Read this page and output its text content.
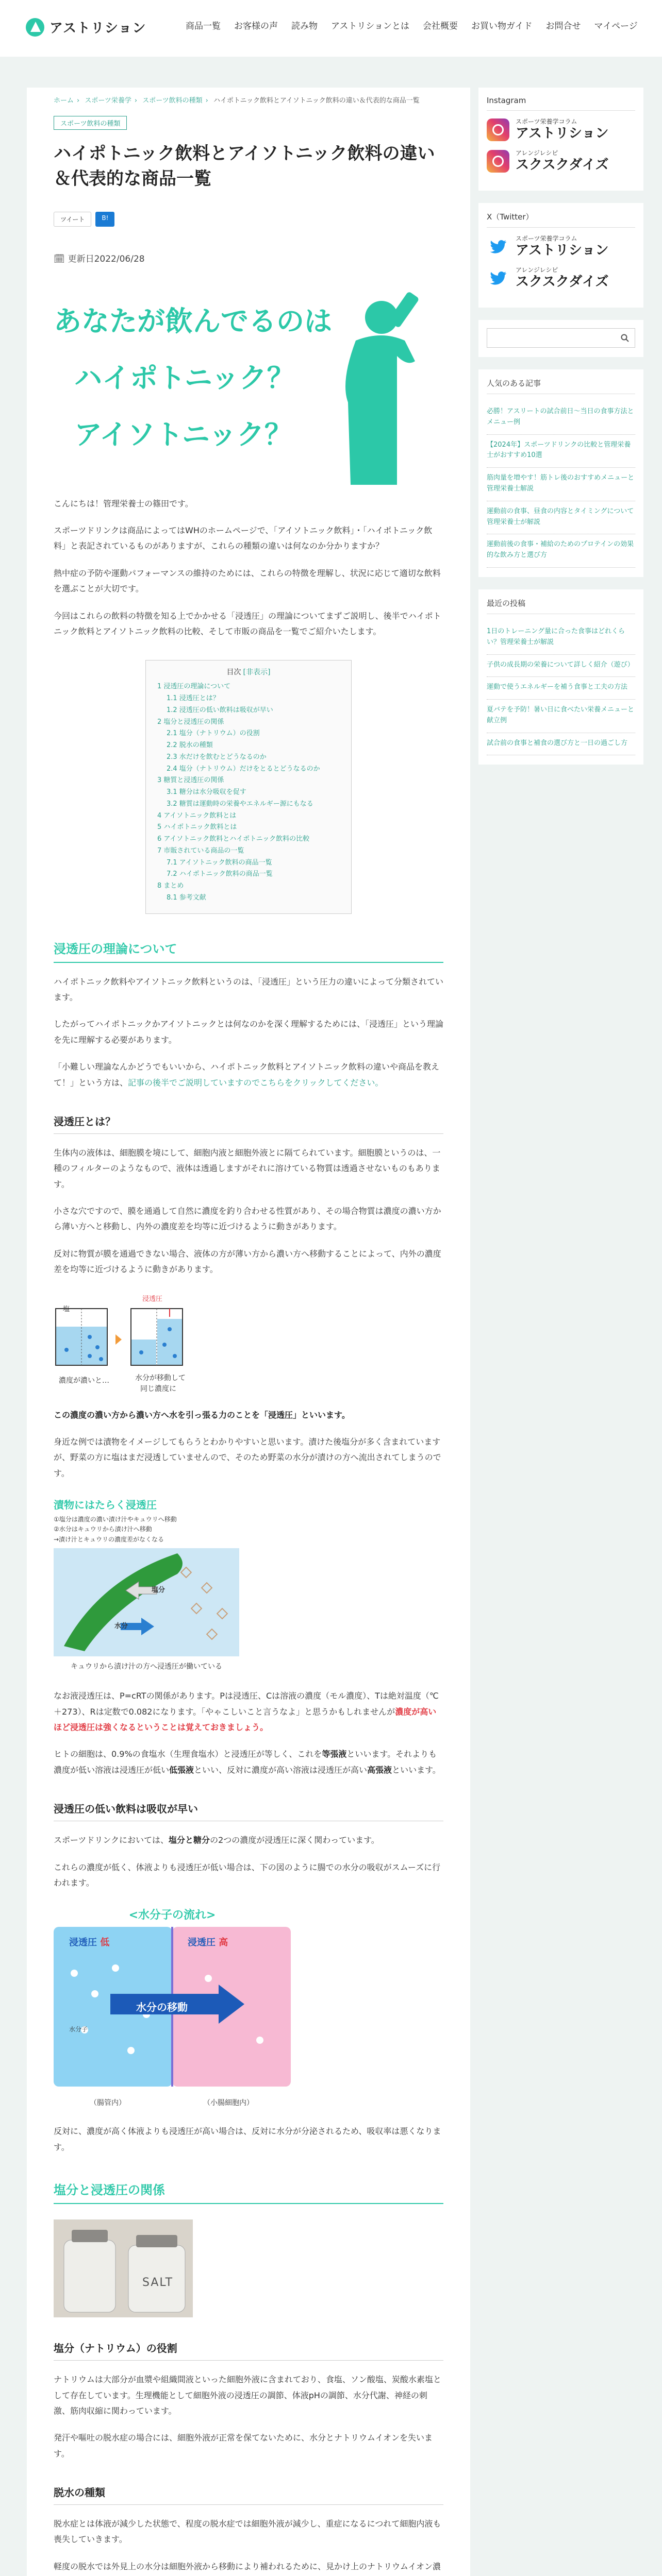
アストリション	商品一覧 お客様の声 読み物 アストリションとは 会社概要 お買い物ガイド お問合せ マイページ
ホーム › スポーツ栄養学 › スポーツ飲料の種類 › ハイポトニック飲料とアイソトニック飲料の違い＆代表的な商品一覧
スポーツ飲料の種類
ハイポトニック飲料とアイソトニック飲料の違い＆代表的な商品一覧
ツイート	B!
🗓 更新日2022/06/28
あなたが飲んでるのは
ハイポトニック？
アイソトニック？

こんにちは！管理栄養士の篠田です。

スポーツドリンクは商品によってはWHのホームページで、「アイソトニック飲料」・「ハイポトニック飲料」と表記されているものがありますが、これらの種類の違いは何なのか分かりますか？

熱中症の予防や運動パフォーマンスの維持のためには、これらの特徴を理解し、状況に応じて適切な飲料を選ぶことが大切です。

今回はこれらの飲料の特徴を知る上でかかせる「浸透圧」の理論についてまずご説明し、後半でハイポトニック飲料とアイソトニック飲料の比較、そして市販の商品を一覧でご紹介いたします。

目次 [非表示]
1 浸透圧の理論について
1.1 浸透圧とは？
1.2 浸透圧の低い飲料は吸収が早い
2 塩分と浸透圧の関係
2.1 塩分（ナトリウム）の役割
2.2 脱水の種類
2.3 水だけを飲むとどうなるのか
2.4 塩分（ナトリウム）だけをとるとどうなるのか
3 糖質と浸透圧の関係
3.1 糖分は水分吸収を促す
3.2 糖質は運動時の栄養やエネルギー源にもなる
4 アイソトニック飲料とは
5 ハイポトニック飲料とは
6 アイソトニック飲料とハイポトニック飲料の比較
7 市販されている商品の一覧
7.1 アイソトニック飲料の商品一覧
7.2 ハイポトニック飲料の商品一覧
8 まとめ
8.1 参考文献
浸透圧の理論について

ハイポトニック飲料やアイソトニック飲料というのは、「浸透圧」という圧力の違いによって分類されています。

したがってハイポトニックかアイソトニックとは何なのかを深く理解するためには、「浸透圧」という理論を先に理解する必要があります。

「小難しい理論なんかどうでもいいから、ハイポトニック飲料とアイソトニック飲料の違いや商品を教えて！」という方は、記事の後半でご説明していますのでこちらをクリックしてください。

浸透圧とは？

生体内の液体は、細胞膜を境にして、細胞内液と細胞外液とに隔てられています。細胞膜というのは、一種のフィルターのようなもので、液体は透過しますがそれに溶けている物質は透過させないものもあります。

小さな穴ですので、膜を通過して自然に濃度を釣り合わせる性質があり、その場合物質は濃度の濃い方から薄い方へと移動し、内外の濃度差を均等に近づけるように動きがあります。

反対に物質が膜を通過できない場合、液体の方が薄い方から濃い方へ移動することによって、内外の濃度差を均等に近づけるように動きがあります。

塩
浸透圧
濃度が濃いと…	水分が移動して
同じ濃度に

この濃度の濃い方から濃い方へ水を引っ張る力のことを「浸透圧」といいます。

身近な例では漬物をイメージしてもらうとわかりやすいと思います。漬けた後塩分が多く含まれていますが、野菜の方に塩はまだ浸透していませんので、そのため野菜の水分が漬けの方へ流出されてしまうのです。

漬物にはたらく浸透圧
①塩分は濃度の濃い漬け汁やキュウリへ移動
②水分はキュウリから漬け汁へ移動
→漬け汁とキュウリの濃度差がなくなる
塩分
水分
キュウリから漬け汁の方へ浸透圧が働いている

なお液浸透圧は、P=cRTの関係があります。Pは浸透圧、Cは溶液の濃度（モル濃度）、Tは絶対温度（℃＋273）、Rは定数で0.082になります。「やゃこしいこと言うなよ」と思うかもしれませんが濃度が高いほど浸透圧は強くなるということは覚えておきましょう。

ヒトの細胞は、0.9%の食塩水（生理食塩水）と浸透圧が等しく、これを等張液といいます。それよりも濃度が低い溶液は浸透圧が低い低張液といい、反対に濃度が高い溶液は浸透圧が高い高張液といいます。

浸透圧の低い飲料は吸収が早い

スポーツドリンクにおいては、塩分と糖分の2つの濃度が浸透圧に深く関わっています。

これらの濃度が低く、体液よりも浸透圧が低い場合は、下の図のように腸での水分の吸収がスムーズに行われます。

<水分子の流れ>
浸透圧 低	浸透圧 高
水分の移動
水分子
（腸管内）	（小腸細胞内）

反対に、濃度が高く体液よりも浸透圧が高い場合は、反対に水分が分泌されるため、吸収率は悪くなります。

塩分と浸透圧の関係
SALT
塩分（ナトリウム）の役割

ナトリウムは大部分が血漿や組織間液といった細胞外液に含まれており、食塩、ソン酸塩、炭酸水素塩として存在しています。生理機能として細胞外液の浸透圧の調節、体液pHの調節、水分代謝、神経の刺激、筋肉収縮に関わっています。

発汗や嘔吐の脱水症の場合には、細胞外液が正常を保てないために、水分とナトリウムイオンを失います。

脱水の種類

脱水症とは体液が減少した状態で、程度の脱水症では細胞外液が減少し、重症になるにつれて細胞内液も喪失していきます。

軽度の脱水では外見上の水分は細胞外液から移動により補われるために、見かけ上のナトリウムイオン濃

Instagram
スポーツ栄養学コラム
アストリション
アレンジレシピ
スクスクダイズ
X（Twitter）
スポーツ栄養学コラム
アストリション
アレンジレシピ
スクスクダイズ
人気のある記事
必勝！アスリートの試合前日〜当日の食事方法とメニュー例
【2024年】スポーツドリンクの比較と管理栄養士がおすすめ10選
筋肉量を増やす！筋トレ後のおすすめメニューと管理栄養士解説
運動前の食事、昼食の内容とタイミングについて管理栄養士が解説
運動前後の食事・補給のためのプロテインの効果的な飲み方と選び方
最近の投稿
1日のトレーニング量に合った食事はどれくらい？管理栄養士が解説
子供の成長期の栄養について詳しく紹介（遊び）
運動で使うエネルギーを補う食事と工夫の方法
夏バテを予防！暑い日に食べたい栄養メニューと献立例
試合前の食事と補食の選び方と一日の過ごし方
